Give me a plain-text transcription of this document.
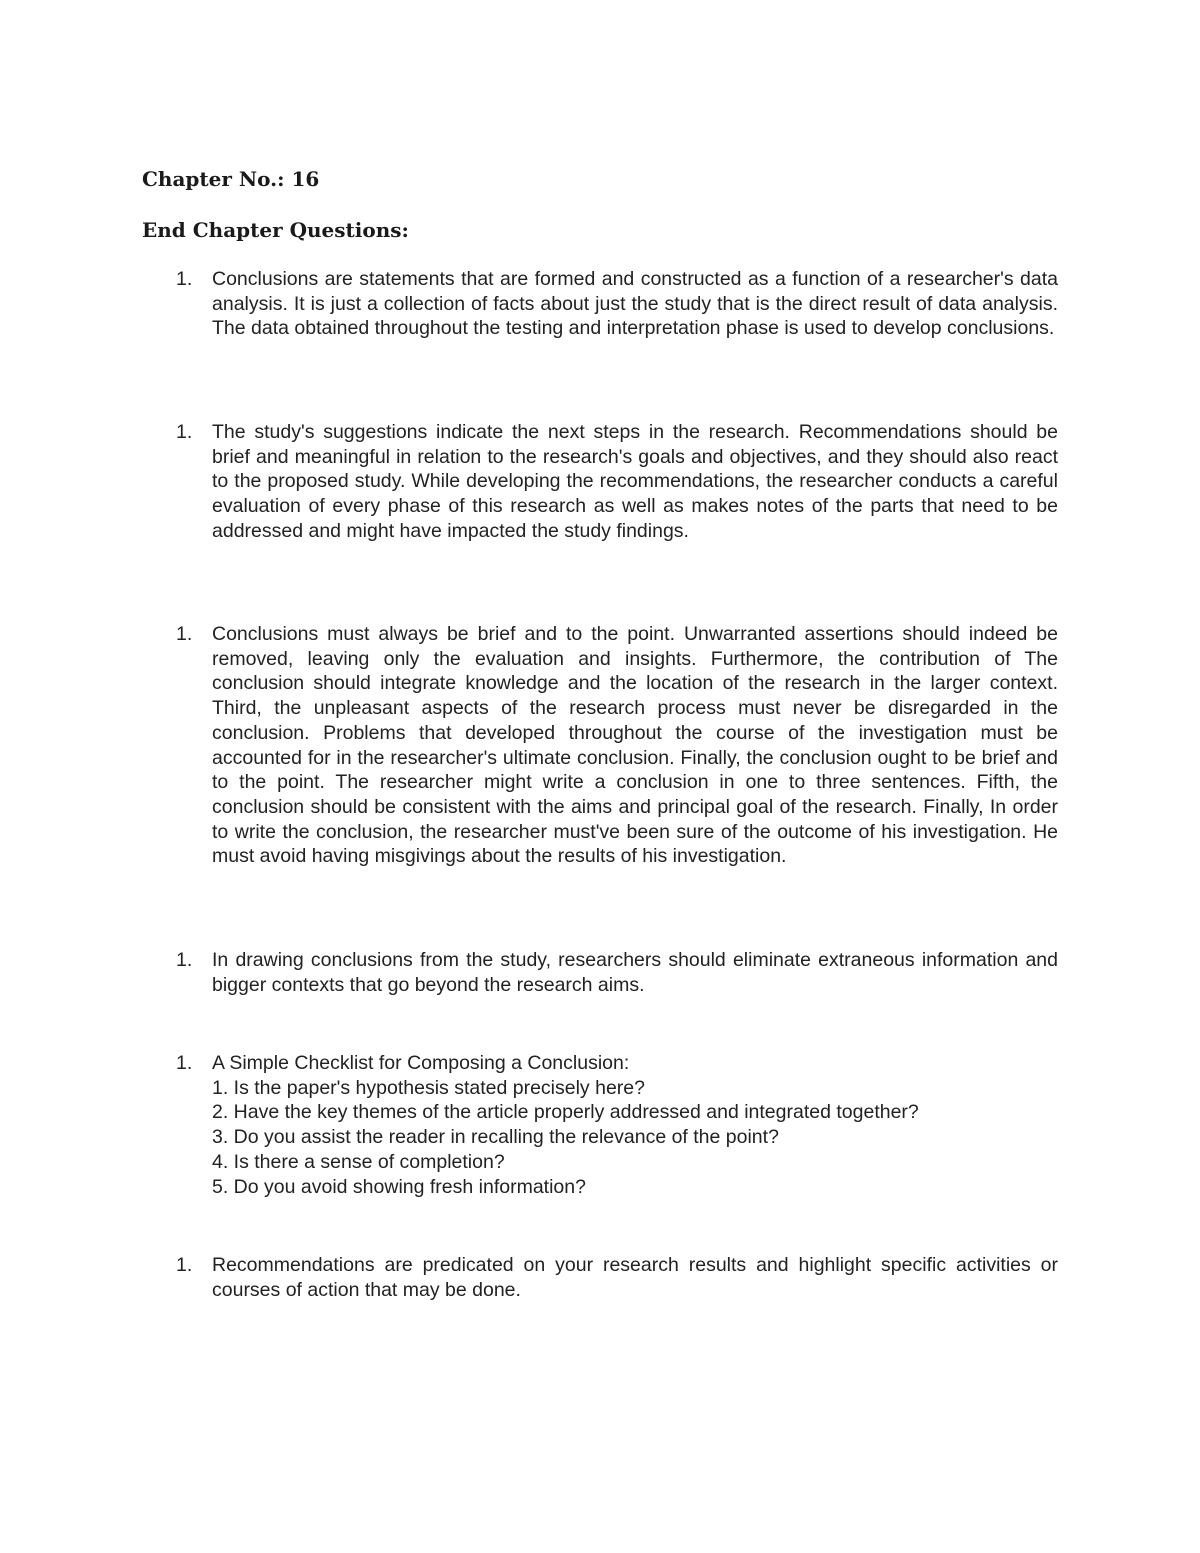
Chapter No.: 16
End Chapter Questions:
1.	Conclusions are statements that are formed and constructed as a function of a researcher's data analysis. It is just a collection of facts about just the study that is the direct result of data analysis. The data obtained throughout the testing and interpretation phase is used to develop conclusions.
1.	The study's suggestions indicate the next steps in the research. Recommendations should be brief and meaningful in relation to the research's goals and objectives, and they should also react to the proposed study. While developing the recommendations, the researcher conducts a careful evaluation of every phase of this research as well as makes notes of the parts that need to be addressed and might have impacted the study findings.
1.	Conclusions must always be brief and to the point. Unwarranted assertions should indeed be removed, leaving only the evaluation and insights. Furthermore, the contribution of The conclusion should integrate knowledge and the location of the research in the larger context. Third, the unpleasant aspects of the research process must never be disregarded in the conclusion. Problems that developed throughout the course of the investigation must be accounted for in the researcher's ultimate conclusion. Finally, the conclusion ought to be brief and to the point. The researcher might write a conclusion in one to three sentences. Fifth, the conclusion should be consistent with the aims and principal goal of the research. Finally, In order to write the conclusion, the researcher must've been sure of the outcome of his investigation. He must avoid having misgivings about the results of his investigation.
1.	In drawing conclusions from the study, researchers should eliminate extraneous information and bigger contexts that go beyond the research aims.
1.	A Simple Checklist for Composing a Conclusion:
1. Is the paper's hypothesis stated precisely here?
2. Have the key themes of the article properly addressed and integrated together?
3. Do you assist the reader in recalling the relevance of the point?
4. Is there a sense of completion?
5. Do you avoid showing fresh information?
1.	Recommendations are predicated on your research results and highlight specific activities or courses of action that may be done.
